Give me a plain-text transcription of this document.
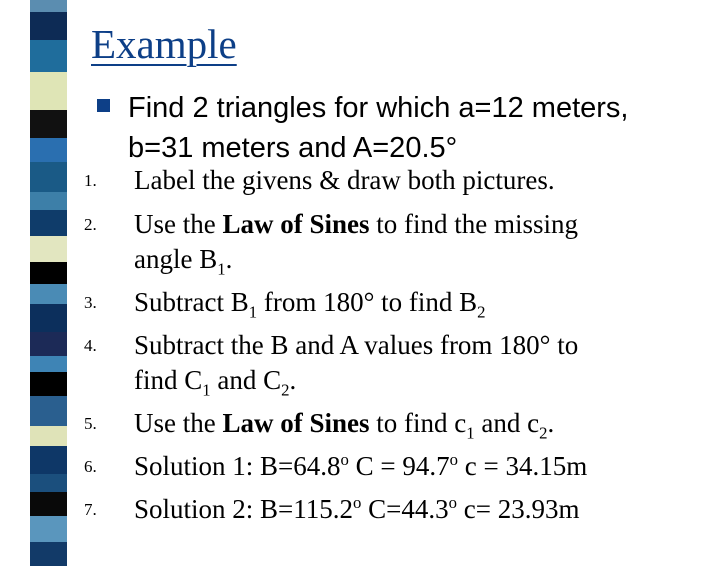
Example
Find 2 triangles for which a=12 meters,
b=31 meters and A=20.5°
1. Label the givens & draw both pictures.
2. Use the Law of Sines to find the missing
angle $B_1$.
3. Subtract $B_1$ from 180° to find $B_2$
4. Subtract the B and A values from 180° to
find $C_1$ and $C_2$.
5. Use the Law of Sines to find $c_1$ and $c_2$.
6. Solution 1: $B=64.8^o$ $C = 94.7^o$ c = 34.15m
7. Solution 2: $B=115.2^o$ $C=44.3^o$ c= 23.93m
